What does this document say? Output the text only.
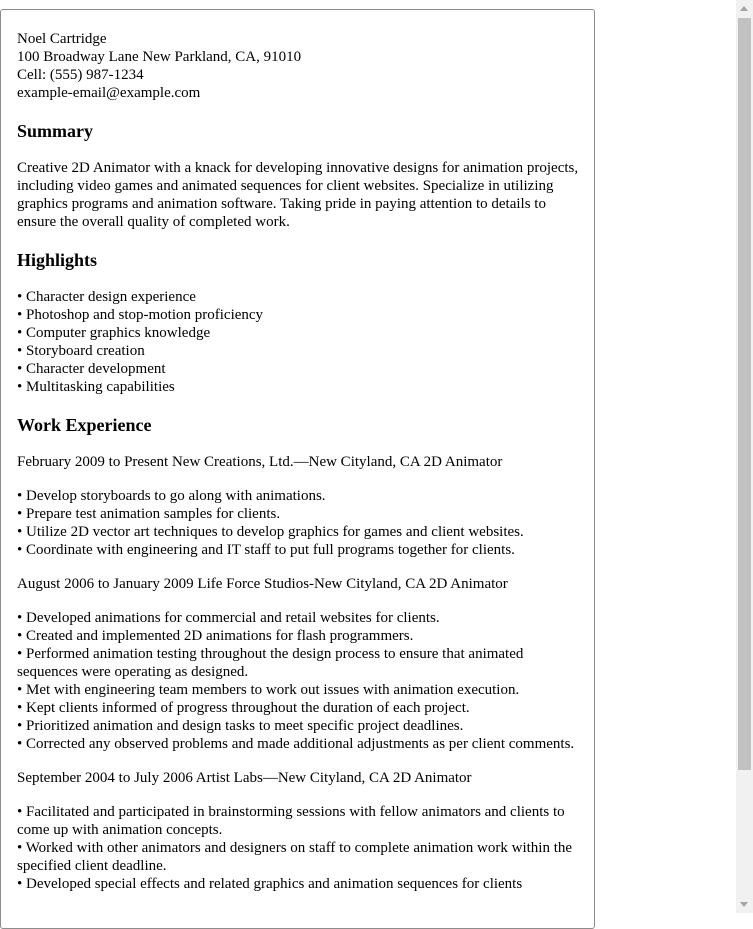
Noel Cartridge
100 Broadway Lane New Parkland, CA, 91010
Cell: (555) 987-1234
example-email@example.com
Summary

Creative 2D Animator with a knack for developing innovative designs for animation projects, including video games and animated sequences for client websites. Specialize in utilizing graphics programs and animation software. Taking pride in paying attention to details to ensure the overall quality of completed work.

Highlights
• Character design experience
• Photoshop and stop-motion proficiency
• Computer graphics knowledge
• Storyboard creation
• Character development
• Multitasking capabilities
Work Experience
February 2009 to Present New Creations, Ltd.—New Cityland, CA 2D Animator
• Develop storyboards to go along with animations.
• Prepare test animation samples for clients.
• Utilize 2D vector art techniques to develop graphics for games and client websites.
• Coordinate with engineering and IT staff to put full programs together for clients.
August 2006 to January 2009 Life Force Studios-New Cityland, CA 2D Animator
• Developed animations for commercial and retail websites for clients.
• Created and implemented 2D animations for flash programmers.
• Performed animation testing throughout the design process to ensure that animated sequences were operating as designed.
• Met with engineering team members to work out issues with animation execution.
• Kept clients informed of progress throughout the duration of each project.
• Prioritized animation and design tasks to meet specific project deadlines.
• Corrected any observed problems and made additional adjustments as per client comments.
September 2004 to July 2006 Artist Labs—New Cityland, CA 2D Animator
• Facilitated and participated in brainstorming sessions with fellow animators and clients to come up with animation concepts.
• Worked with other animators and designers on staff to complete animation work within the specified client deadline.
• Developed special effects and related graphics and animation sequences for clients
